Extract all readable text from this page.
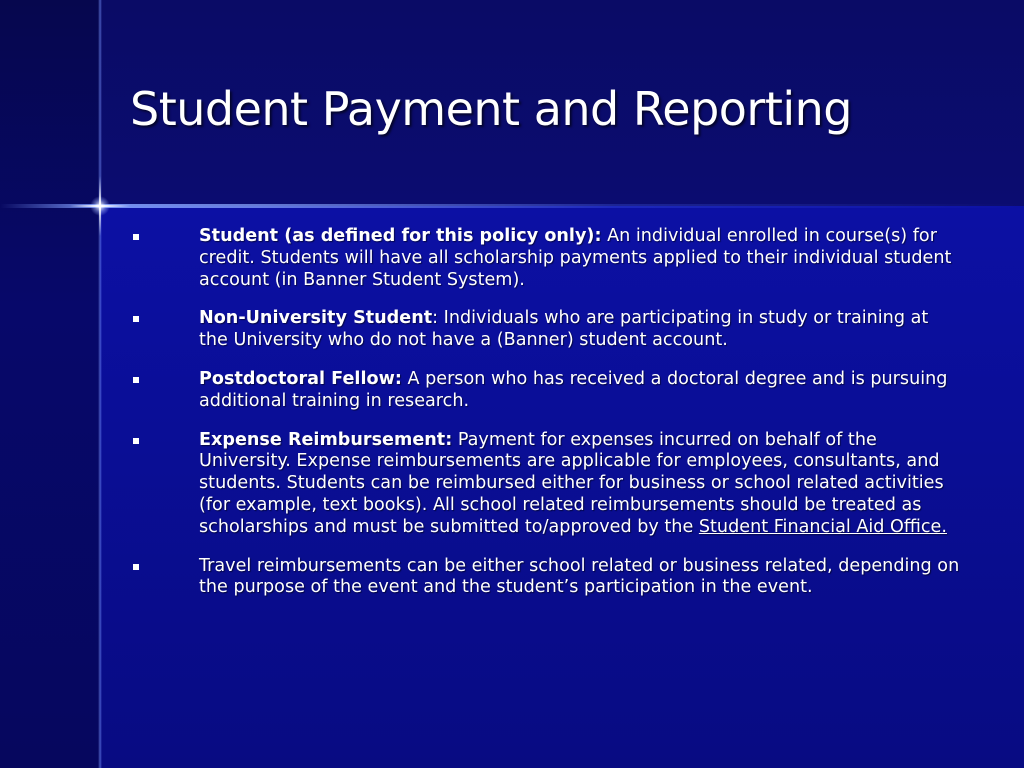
Student Payment and Reporting
Student (as defined for this policy only): An individual enrolled in course(s) for credit. Students will have all scholarship payments applied to their individual student account (in Banner Student System).
Non-University Student: Individuals who are participating in study or training at the University who do not have a (Banner) student account.
Postdoctoral Fellow: A person who has received a doctoral degree and is pursuing additional training in research.
Expense Reimbursement: Payment for expenses incurred on behalf of the University. Expense reimbursements are applicable for employees, consultants, and students. Students can be reimbursed either for business or school related activities (for example, text books). All school related reimbursements should be treated as scholarships and must be submitted to/approved by the Student Financial Aid Office.
Travel reimbursements can be either school related or business related, depending on the purpose of the event and the student’s participation in the event.
